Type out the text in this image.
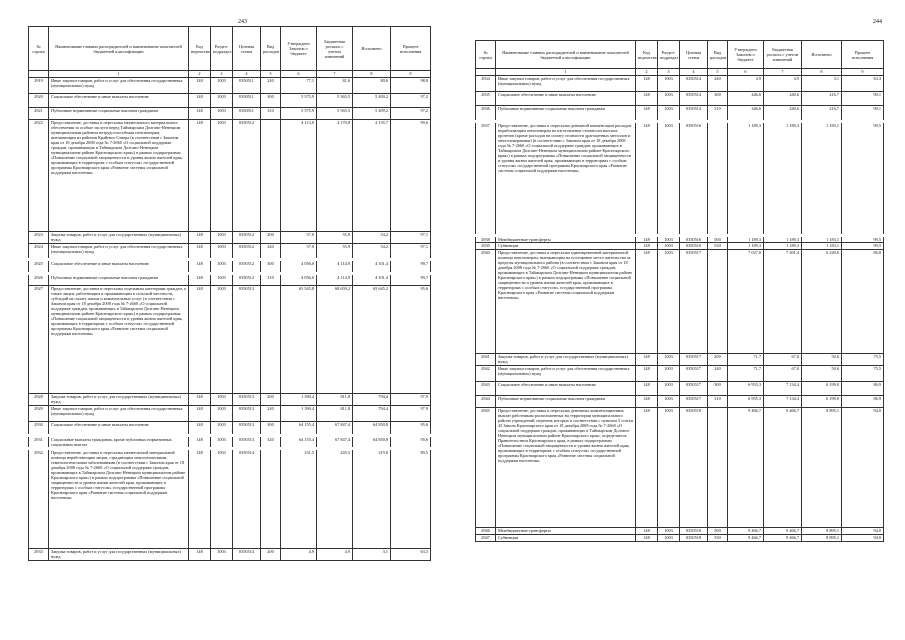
243
№ строки	Наименование главных распорядителей и наименование показателей бюджетной классификации	Код ведомства	Раздел-подраздел	Целевая статья	Вид расходов	Утверждено Законом о бюджете	Бюджетная роспись с учетом изменений	Исполнено	Процент исполнения
	1	2	3	4	5	6	7	8	9
2919	Иные закупки товаров, работ и услуг для обеспечения государственных (муниципальных) нужд	148	1003	0350511	240	77,1	81,6	80,6	98,8
2920	Социальное обеспечение и иные выплаты населению	148	1003	0350511	300	5 575,9	5 365,5	5 409,2	97,2
2921	Публичные нормативные социальные выплаты гражданам	148	1003	0350511	310	5 575,9	5 565,5	5 409,2	97,2
2922	Предоставление, доставка и пересылка ежемесячного материального обеспечения за особые заслуги перед Таймырским Долгано-Ненецким муниципальным районом нетрудоспособным пенсионерам, выезжающим из районов Крайнего Севера (в соответствии с Законом края от 18 декабря 2008 года № 7-2660 «О социальной поддержке граждан, проживающих в Таймырском Долгано-Ненецком муниципальном районе Красноярского края») в рамках подпрограммы «Повышение социальной защищенности и уровня жизни жителей края, проживающих в территориях с особым статусом» государственной программы Красноярского края «Развитие системы социальной поддержки населения»	148	1003	0350512		4 113,0	4 170,8	4 155,7	99,6
2923	Закупка товаров, работ и услуг для государственных (муниципальных) нужд	148	1003	0350512	200	57,0	55,9	54,2	97,1
2924	Иные закупки товаров, работ и услуг для обеспечения государственных (муниципальных) нужд	148	1003	0350512	240	57,0	55,9	54,2	97,1
2925	Социальное обеспечение и иные выплаты населению	148	1003	0350512	300	4 056,0	4 114,9	4 101,4	99,7
2926	Публичные нормативные социальные выплаты гражданам	148	1003	0350512	310	4 056,0	4 114,9	4 101,4	99,7
2927	Предоставление, доставка и пересылка отдельным категориям граждан, а также лицам, работающим и проживающим в сельской местности, субсидий на оплату жилья и коммунальных услуг (в соответствии с Законом края от 18 декабря 2008 года № 7-2660 «О социальной поддержке граждан, проживающих в Таймырском Долгано-Ненецком муниципальном районе Красноярского края») в рамках подпрограммы «Повышение социальной защищенности и уровня жизни жителей края, проживающих в территориях с особым статусом» государственной программы Красноярского края «Развитие системы социальной поддержки населения»	148	1003	0350513		65 545,8	68 659,2	65 645,2	95,6
2928	Закупка товаров, работ и услуг для государственных (муниципальных) нужд	148	1003	0350513	200	1 390,4	811,8	794,4	97,9
2929	Иные закупки товаров, работ и услуг для обеспечения государственных (муниципальных) нужд	148	1003	0350513	240	1 390,4	811,8	794,4	97,9
2930	Социальное обеспечение и иные выплаты населению	148	1003	0350513	300	64 155,4	67 847,4	64 850,8	95,6
2931	Социальные выплаты гражданам, кроме публичных нормативных социальных выплат	148	1003	0350513	320	64 155,4	67 847,4	64 850,8	95,6
2932	Предоставление, доставка и пересылка ежемесячной материальной помощи неработающим лицам, страдающим онкологическими, гематологическими заболеваниями (в соответствии с Законом края от 18 декабря 2008 года № 7-2660 «О социальной поддержке граждан, проживающих в Таймырском Долгано-Ненецком муниципальном районе Красноярского края») в рамках подпрограммы «Повышение социальной защищенности и уровня жизни жителей края, проживающих в территориях с особым статусом» государственной программы Красноярского края «Развитие системы социальной поддержки населения»	148	1003	0350514		231,5	245,5	219,8	89,5
2933	Закупка товаров, работ и услуг для государственных (муниципальных) нужд	148	1003	0350514	200	4,9	4,9	3,1	63,3
244
№ строки	Наименование главных распорядителей и наименование показателей бюджетной классификации	Код ведомства	Раздел-подраздел	Целевая статья	Вид расходов	Утверждено Законом о бюджете	Бюджетная роспись с учетом изменений	Исполнено	Процент исполнения
	1	2	3	4	5	6	7	8	9
2934	Иные закупки товаров, работ и услуг для обеспечения государственных (муниципальных) нужд	148	1003	0350514	240	4,9	4,9	3,1	63,3
2935	Социальное обеспечение и иные выплаты населению	148	1003	0350514	300	246,6	240,6	216,7	90,1
2936	Публичные нормативные социальные выплаты гражданам	148	1003	0350514	310	246,6	240,6	216,7	90,1
2937	Предоставление, доставка и пересылка денежной компенсации расходов неработающим пенсионерам на изготовление стоматологических протезов (кроме расходов на оплату стоимости драгоценных металлов и металлокерамики) (в соответствии с Законом края от 18 декабря 2008 года № 7-2660 «О социальной поддержке граждан, проживающих в Таймырском Долгано-Ненецком муниципальном районе Красноярского края») в рамках подпрограммы «Повышение социальной защищенности и уровня жизни жителей края, проживающих в территориях с особым статусом» государственной программы Красноярского края «Развитие системы социальной поддержки населения»	148	1003	0350516		1 189,3	1 189,3	1 183,1	99,5
2938	Межбюджетные трансферты	148	1003	0350516	500	1 189,3	1 189,3	1 183,1	99,5
2939	Субвенции	148	1003	0350516	530	1 189,3	1 189,3	1 183,1	99,5
2940	Предоставление, доставка и пересылка единовременной материальной помощи пенсионерам, выезжающим на постоянное место жительства за пределы муниципального района (в соответствии с Законом края от 18 декабря 2008 года № 7-2660 «О социальной поддержке граждан, проживающих в Таймырском Долгано-Ненецком муниципальном районе Красноярского края») в рамках подпрограммы «Повышение социальной защищенности и уровня жизни жителей края, проживающих в территориях с особым статусом» государственной программы Красноярского края «Развитие системы социальной поддержки населения»	148	1003	0350517		7 027,0	7 201,4	6 249,6	86,8
2941	Закупка товаров, работ и услуг для государственных (муниципальных) нужд	148	1003	0350517	200	71,7	67,0	50,6	75,5
2942	Иные закупки товаров, работ и услуг для обеспечения государственных (муниципальных) нужд	148	1003	0350517	240	71,7	67,0	50,6	75,5
2943	Социальное обеспечение и иные выплаты населению	148	1003	0350517	300	6 955,3	7 134,4	6 199,0	86,9
2944	Публичные нормативные социальные выплаты гражданам	148	1003	0350517	310	6 955,3	7 134,4	6 199,0	86,9
2945	Предоставление, доставка и пересылка денежных компенсационных выплат работникам расположенных на территории муниципального района учреждений, перечень которых в соответствии с пунктом 3 статьи 43 Закона Красноярского края от 18 декабря 2008 года № 7-2660 «О социальной поддержке граждан, проживающих в Таймырском Долгано-Ненецком муниципальном районе Красноярского края», определяется Правительством Красноярского края, в рамках подпрограммы «Повышение социальной защищенности и уровня жизни жителей края, проживающих в территориях с особым статусом» государственной программы Красноярского края «Развитие системы социальной поддержки населения»	148	1003	0350518		9 466,7	9 466,7	8 895,1	94,0
2946	Межбюджетные трансферты	148	1003	0350518	500	9 466,7	9 466,7	8 895,1	94,0
2947	Субвенции	148	1003	0350518	530	9 466,7	9 466,7	8 895,1	94,0
